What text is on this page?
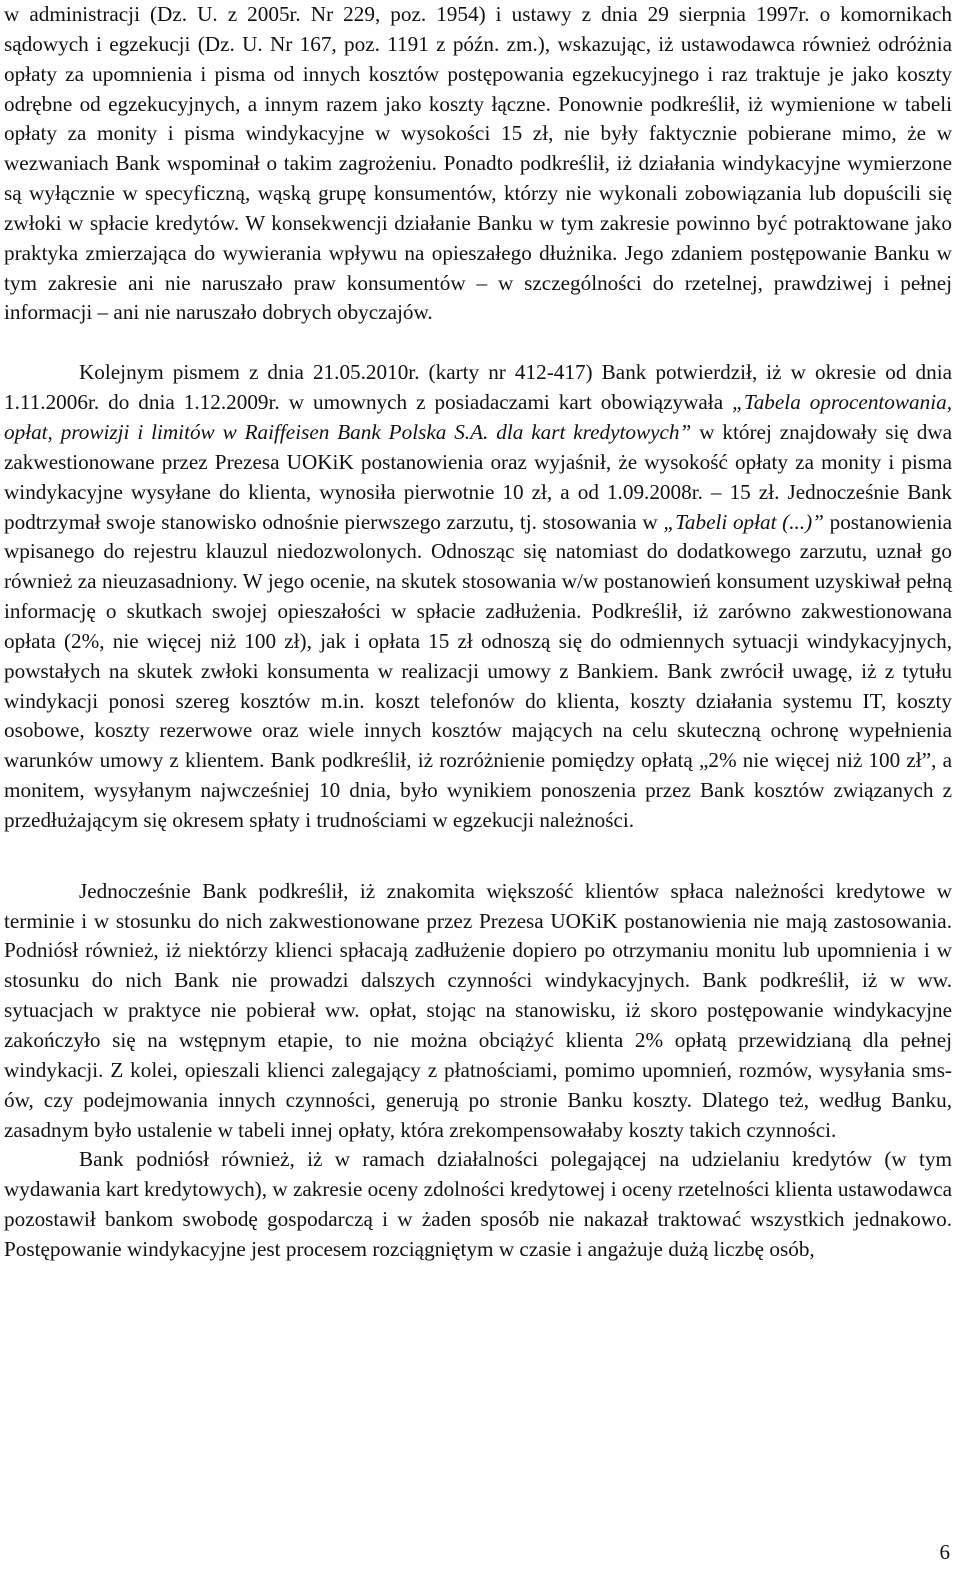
w administracji (Dz. U. z 2005r. Nr 229, poz. 1954) i ustawy z dnia 29 sierpnia 1997r. o komornikach sądowych i egzekucji (Dz. U. Nr 167, poz. 1191 z późn. zm.), wskazując, iż ustawodawca również odróżnia opłaty za upomnienia i pisma od innych kosztów postępowania egzekucyjnego i raz traktuje je jako koszty odrębne od egzekucyjnych, a innym razem jako koszty łączne. Ponownie podkreślił, iż wymienione w tabeli opłaty za monity i pisma windykacyjne w wysokości 15 zł, nie były faktycznie pobierane mimo, że w wezwaniach Bank wspominał o takim zagrożeniu. Ponadto podkreślił, iż działania windykacyjne wymierzone są wyłącznie w specyficzną, wąską grupę konsumentów, którzy nie wykonali zobowiązania lub dopuścili się zwłoki w spłacie kredytów. W konsekwencji działanie Banku w tym zakresie powinno być potraktowane jako praktyka zmierzająca do wywierania wpływu na opieszałego dłużnika. Jego zdaniem postępowanie Banku w tym zakresie ani nie naruszało praw konsumentów – w szczególności do rzetelnej, prawdziwej i pełnej informacji – ani nie naruszało dobrych obyczajów.

Kolejnym pismem z dnia 21.05.2010r. (karty nr 412-417) Bank potwierdził, iż w okresie od dnia 1.11.2006r. do dnia 1.12.2009r. w umownych z posiadaczami kart obowiązywała „Tabela oprocentowania, opłat, prowizji i limitów w Raiffeisen Bank Polska S.A. dla kart kredytowych” w której znajdowały się dwa zakwestionowane przez Prezesa UOKiK postanowienia oraz wyjaśnił, że wysokość opłaty za monity i pisma windykacyjne wysyłane do klienta, wynosiła pierwotnie 10 zł, a od 1.09.2008r. – 15 zł. Jednocześnie Bank podtrzymał swoje stanowisko odnośnie pierwszego zarzutu, tj. stosowania w „Tabeli opłat (...)” postanowienia wpisanego do rejestru klauzul niedozwolonych. Odnosząc się natomiast do dodatkowego zarzutu, uznał go również za nieuzasadniony. W jego ocenie, na skutek stosowania w/w postanowień konsument uzyskiwał pełną informację o skutkach swojej opieszałości w spłacie zadłużenia. Podkreślił, iż zarówno zakwestionowana opłata (2%, nie więcej niż 100 zł), jak i opłata 15 zł odnoszą się do odmiennych sytuacji windykacyjnych, powstałych na skutek zwłoki konsumenta w realizacji umowy z Bankiem. Bank zwrócił uwagę, iż z tytułu windykacji ponosi szereg kosztów m.in. koszt telefonów do klienta, koszty działania systemu IT, koszty osobowe, koszty rezerwowe oraz wiele innych kosztów mających na celu skuteczną ochronę wypełnienia warunków umowy z klientem. Bank podkreślił, iż rozróżnienie pomiędzy opłatą „2% nie więcej niż 100 zł”, a monitem, wysyłanym najwcześniej 10 dnia, było wynikiem ponoszenia przez Bank kosztów związanych z przedłużającym się okresem spłaty i trudnościami w egzekucji należności.

Jednocześnie Bank podkreślił, iż znakomita większość klientów spłaca należności kredytowe w terminie i w stosunku do nich zakwestionowane przez Prezesa UOKiK postanowienia nie mają zastosowania. Podniósł również, iż niektórzy klienci spłacają zadłużenie dopiero po otrzymaniu monitu lub upomnienia i w stosunku do nich Bank nie prowadzi dalszych czynności windykacyjnych. Bank podkreślił, iż w ww. sytuacjach w praktyce nie pobierał ww. opłat, stojąc na stanowisku, iż skoro postępowanie windykacyjne zakończyło się na wstępnym etapie, to nie można obciążyć klienta 2% opłatą przewidzianą dla pełnej windykacji. Z kolei, opieszali klienci zalegający z płatnościami, pomimo upomnień, rozmów, wysyłania sms-ów, czy podejmowania innych czynności, generują po stronie Banku koszty. Dlatego też, według Banku, zasadnym było ustalenie w tabeli innej opłaty, która zrekompensowałaby koszty takich czynności.

Bank podniósł również, iż w ramach działalności polegającej na udzielaniu kredytów (w tym wydawania kart kredytowych), w zakresie oceny zdolności kredytowej i oceny rzetelności klienta ustawodawca pozostawił bankom swobodę gospodarczą i w żaden sposób nie nakazał traktować wszystkich jednakowo. Postępowanie windykacyjne jest procesem rozciągniętym w czasie i angażuje dużą liczbę osób,

6
